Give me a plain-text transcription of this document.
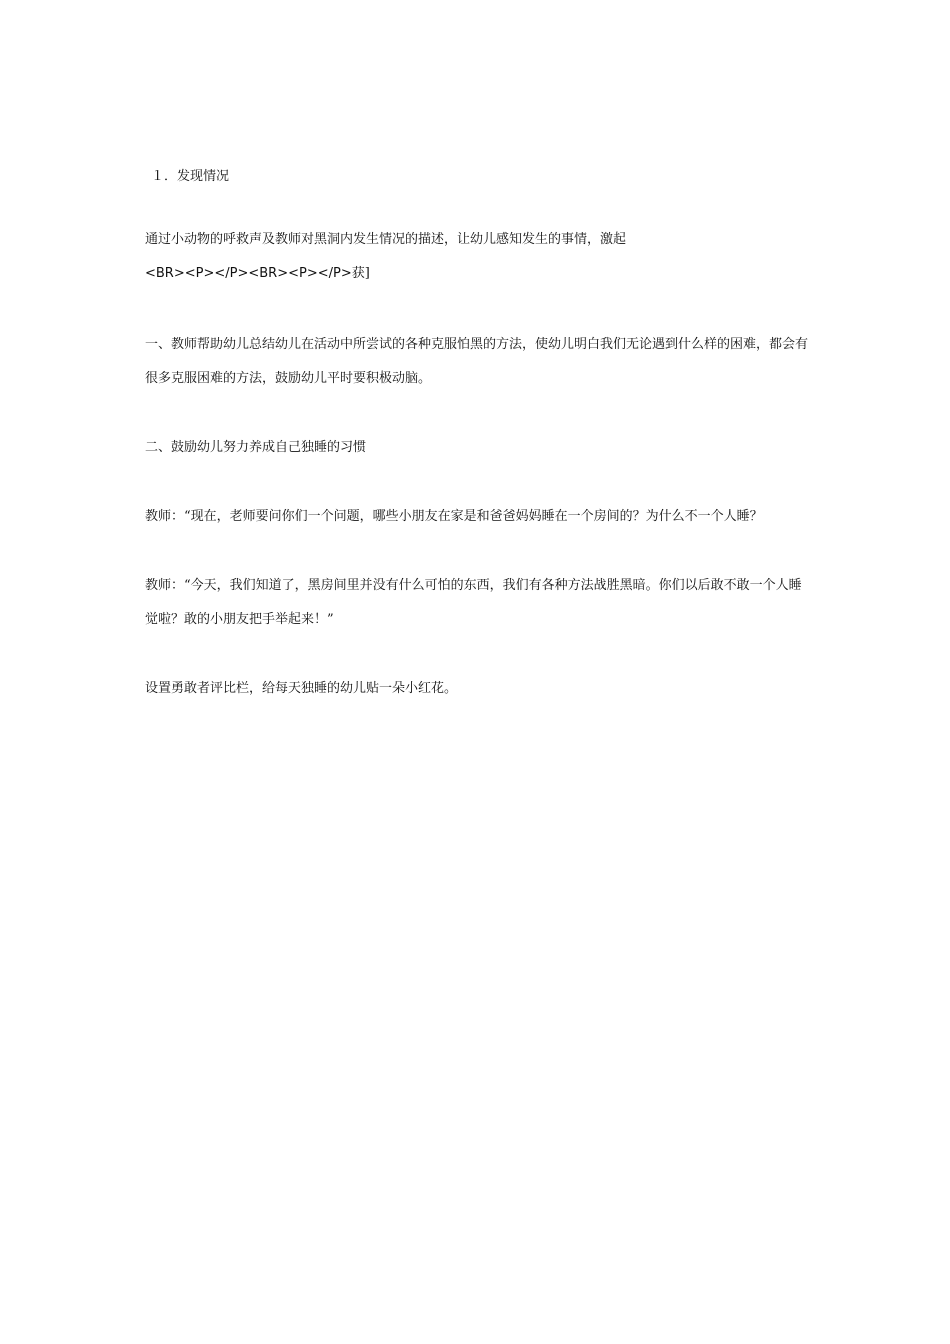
１．发现情况

通过小动物的呼救声及教师对黑洞内发生情况的描述，让幼儿感知发生的事情，激起

<BR><P></P><BR><P></P>获]

一、教师帮助幼儿总结幼儿在活动中所尝试的各种克服怕黑的方法，使幼儿明白我们无论遇到什么样的困难，都会有很多克服困难的方法，鼓励幼儿平时要积极动脑。

二、鼓励幼儿努力养成自己独睡的习惯

教师：“现在，老师要问你们一个问题，哪些小朋友在家是和爸爸妈妈睡在一个房间的？为什么不一个人睡？

教师：“今天，我们知道了，黑房间里并没有什么可怕的东西，我们有各种方法战胜黑暗。你们以后敢不敢一个人睡觉啦？敢的小朋友把手举起来！”

设置勇敢者评比栏，给每天独睡的幼儿贴一朵小红花。
